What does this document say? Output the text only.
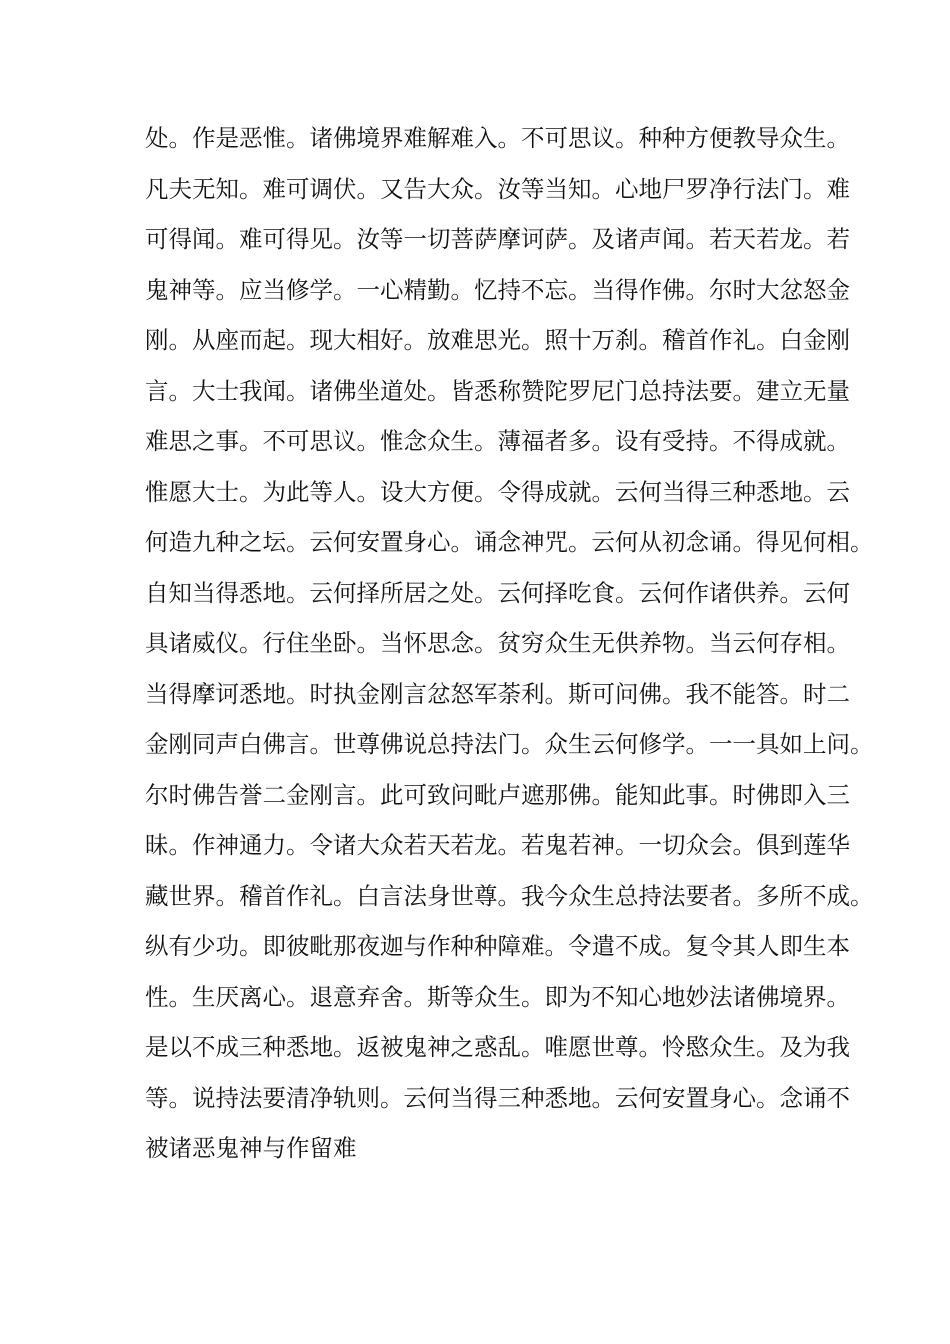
处。作是恶惟。诸佛境界难解难入。不可思议。种种方便教导众生。
凡夫无知。难可调伏。又告大众。汝等当知。心地尸罗净行法门。难
可得闻。难可得见。汝等一切菩萨摩诃萨。及诸声闻。若天若龙。若
鬼神等。应当修学。一心精勤。忆持不忘。当得作佛。尔时大忿怒金
刚。从座而起。现大相好。放难思光。照十万刹。稽首作礼。白金刚
言。大士我闻。诸佛坐道处。皆悉称赞陀罗尼门总持法要。建立无量
难思之事。不可思议。惟念众生。薄福者多。设有受持。不得成就。
惟愿大士。为此等人。设大方便。令得成就。云何当得三种悉地。云
何造九种之坛。云何安置身心。诵念神咒。云何从初念诵。得见何相。
自知当得悉地。云何择所居之处。云何择吃食。云何作诸供养。云何
具诸威仪。行住坐卧。当怀思念。贫穷众生无供养物。当云何存相。
当得摩诃悉地。时执金刚言忿怒军荼利。斯可问佛。我不能答。时二
金刚同声白佛言。世尊佛说总持法门。众生云何修学。一一具如上问。
尔时佛告誉二金刚言。此可致问毗卢遮那佛。能知此事。时佛即入三
昧。作神通力。令诸大众若天若龙。若鬼若神。一切众会。俱到莲华
藏世界。稽首作礼。白言法身世尊。我今众生总持法要者。多所不成。
纵有少功。即彼毗那夜迦与作种种障难。令遣不成。复令其人即生本
性。生厌离心。退意弃舍。斯等众生。即为不知心地妙法诸佛境界。
是以不成三种悉地。返被鬼神之惑乱。唯愿世尊。怜愍众生。及为我
等。说持法要清净轨则。云何当得三种悉地。云何安置身心。念诵不
被诸恶鬼神与作留难
